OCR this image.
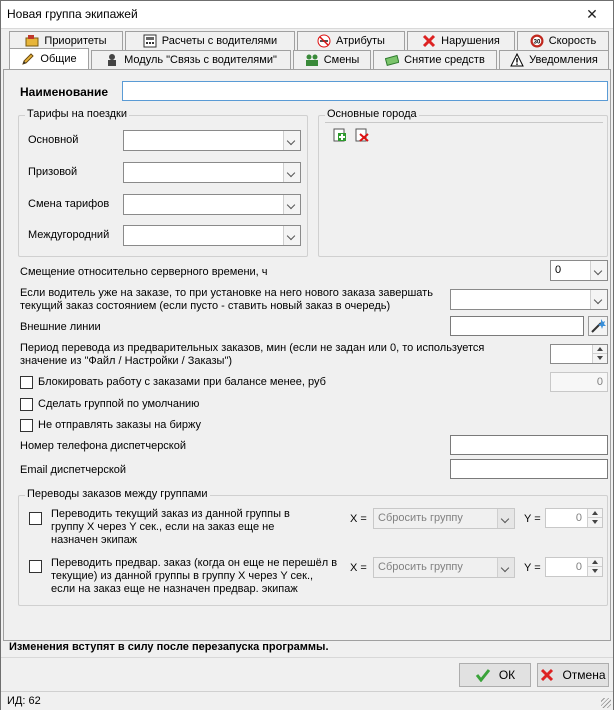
Новая группа экипажей	✕
Приоритеты	Расчеты с водителями	Атрибуты	Нарушения	30 Скорость
Общие	Модуль "Связь с водителями"	Смены	Снятие средств	Уведомления
Наименование
Тарифы на поездки
Основной
Призовой
Смена тарифов
Междугородний
Основные города
Смещение относительно серверного времени, ч	0
Если водитель уже на заказе, то при установке на него нового заказа завершать
текущий заказ состоянием (если пусто - ставить новый заказ в очередь)
Внешние линии
Период перевода из предварительных заказов, мин (если не задан или 0, то используется
значение из "Файл / Настройки / Заказы")
Блокировать работу с заказами при балансе менее, руб	0
Сделать группой по умолчанию
Не отправлять заказы на биржу
Номер телефона диспетчерской
Email диспетчерской
Переводы заказов между группами
Переводить текущий заказ из данной группы в
группу X через Y сек., если на заказ еще не
назначен экипаж
X = Сбросить группу	Y =	0
Переводить предвар. заказ (когда он еще не перешёл в
текущие) из данной группы в группу X через Y сек.,
если на заказ еще не назначен предвар. экипаж
X = Сбросить группу	Y =	0
Изменения вступят в силу после перезапуска программы.
ОК	Отмена
ИД: 62
